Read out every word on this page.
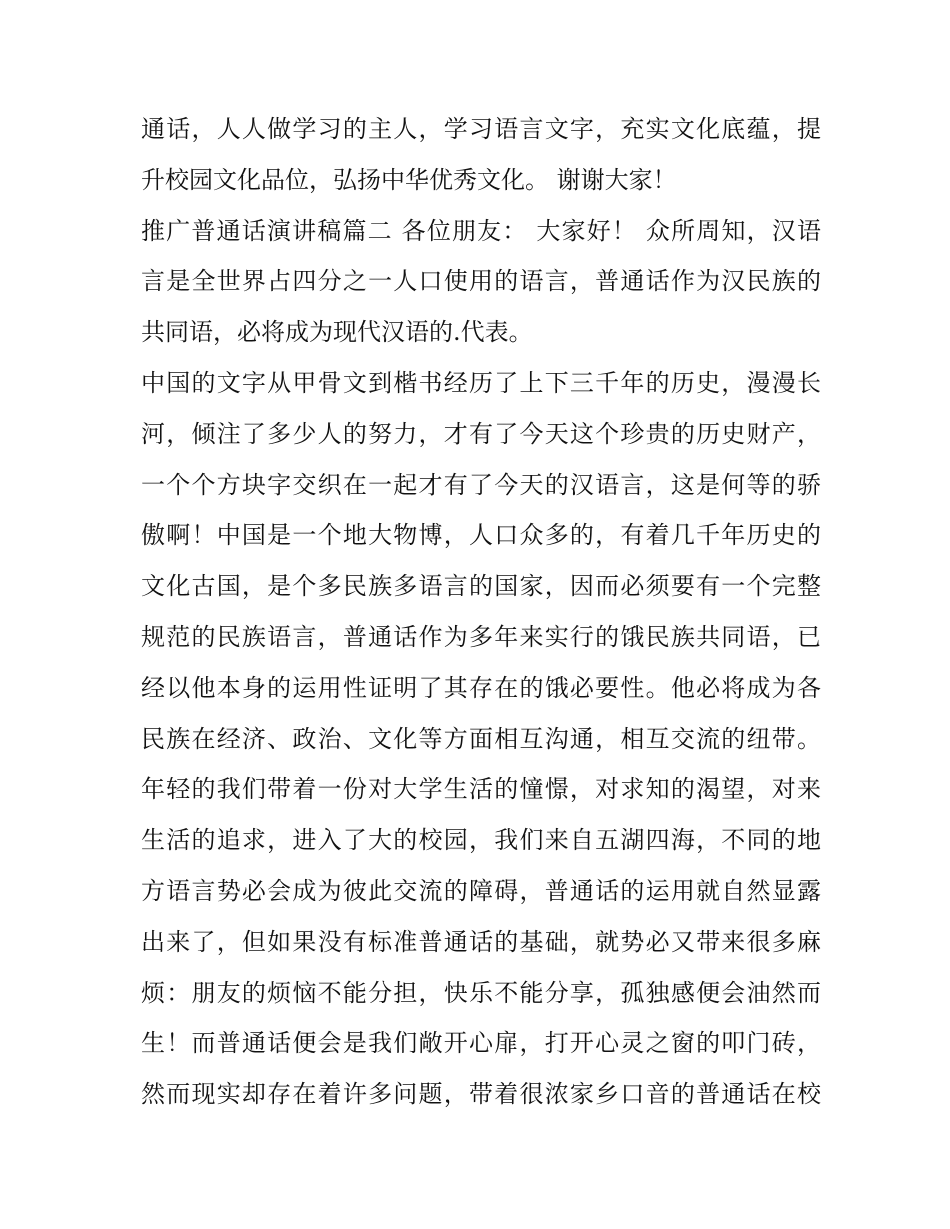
通话，人人做学习的主人，学习语言文字，充实文化底蕴，提
升校园文化品位，弘扬中华优秀文化。 谢谢大家！
推广普通话演讲稿篇二 各位朋友： 大家好！ 众所周知，汉语
言是全世界占四分之一人口使用的语言，普通话作为汉民族的
共同语，必将成为现代汉语的.代表。
中国的文字从甲骨文到楷书经历了上下三千年的历史，漫漫长
河，倾注了多少人的努力，才有了今天这个珍贵的历史财产，
一个个方块字交织在一起才有了今天的汉语言，这是何等的骄
傲啊！中国是一个地大物博，人口众多的，有着几千年历史的
文化古国，是个多民族多语言的国家，因而必须要有一个完整
规范的民族语言，普通话作为多年来实行的饿民族共同语，已
经以他本身的运用性证明了其存在的饿必要性。他必将成为各
民族在经济、政治、文化等方面相互沟通，相互交流的纽带。
年轻的我们带着一份对大学生活的憧憬，对求知的渴望，对来
生活的追求，进入了大的校园，我们来自五湖四海，不同的地
方语言势必会成为彼此交流的障碍，普通话的运用就自然显露
出来了，但如果没有标准普通话的基础，就势必又带来很多麻
烦：朋友的烦恼不能分担，快乐不能分享，孤独感便会油然而
生！而普通话便会是我们敞开心扉，打开心灵之窗的叩门砖，
然而现实却存在着许多问题，带着很浓家乡口音的普通话在校
